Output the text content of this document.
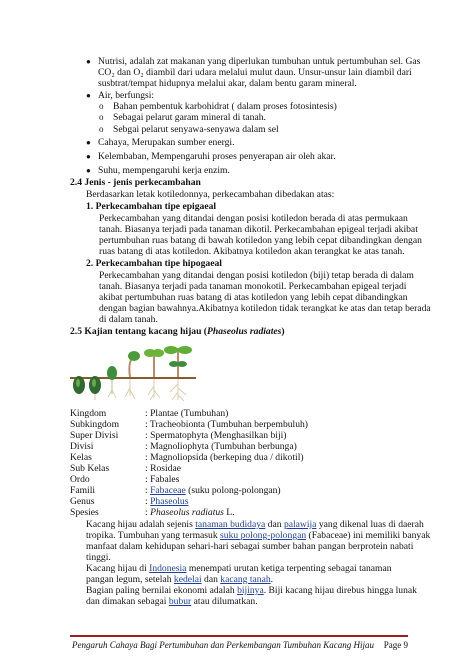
● Nutrisi, adalah zat makanan yang diperlukan tumbuhan untuk pertumbuhan sel. Gas
CO₂ dan O₂ diambil dari udara melalui mulut daun. Unsur-unsur lain diambil dari
susbtrat/tempat hidupnya melalui akar, dalam bentu garam mineral.
● Air, berfungsi:
o Bahan pembentuk karbohidrat ( dalam proses fotosintesis)
o Sebagai pelarut garam mineral di tanah.
o Sebgai pelarut senyawa-senyawa dalam sel
● Cahaya, Merupakan sumber energi.
● Kelembaban, Mempengaruhi proses penyerapan air oleh akar.
● Suhu, mempengaruhi kerja enzim.
2.4 Jenis - jenis perkecambahan
Berdasarkan letak kotiledonnya, perkecambahan dibedakan atas:
1. Perkecambahan tipe epigaeal
Perkecambahan yang ditandai dengan posisi kotiledon berada di atas permukaan
tanah. Biasanya terjadi pada tanaman dikotil. Perkecambahan epigeal terjadi akibat
pertumbuhan ruas batang di bawah kotiledon yang lebih cepat dibandingkan dengan
ruas batang di atas kotiledon. Akibatnya kotiledon akan terangkat ke atas tanah.
2. Perkecambahan tipe hipogaeal
Perkecambahan yang ditandai dengan posisi kotiledon (biji) tetap berada di dalam
tanah. Biasanya terjadi pada tanaman monokotil. Perkecambahan epigeal terjadi
akibat pertumbuhan ruas batang di atas kotiledon yang lebih cepat dibandingkan
dengan bagian bawahnya.Akibatnya kotiledon tidak terangkat ke atas dan tetap berada
di dalam tanah.
2.5 Kajian tentang kacang hijau (Phaseolus radiates)
Kingdom	: Plantae (Tumbuhan)
Subkingdom	: Tracheobionta (Tumbuhan berpembuluh)
Super Divisi	: Spermatophyta (Menghasilkan biji)
Divisi	: Magnoliophyta (Tumbuhan berbunga)
Kelas	: Magnoliopsida (berkeping dua / dikotil)
Sub Kelas	: Rosidae
Ordo	: Fabales
Famili	: Fabaceae (suku polong-polongan)
Genus	: Phaseolus
Spesies	: Phaseolus radiatus L.
Kacang hijau adalah sejenis tanaman budidaya dan palawija yang dikenal luas di daerah
tropika. Tumbuhan yang termasuk suku polong-polongan (Fabaceae) ini memiliki banyak
manfaat dalam kehidupan sehari-hari sebagai sumber bahan pangan berprotein nabati
tinggi.
Kacang hijau di Indonesia menempati urutan ketiga terpenting sebagai tanaman
pangan legum, setelah kedelai dan kacang tanah.
Bagian paling bernilai ekonomi adalah bijinya. Biji kacang hijau direbus hingga lunak
dan dimakan sebagai bubur atau dilumatkan.
Pengaruh Cahaya Bagi Pertumbuhan dan Perkembangan Tumbuhan Kacang Hijau Page 9
